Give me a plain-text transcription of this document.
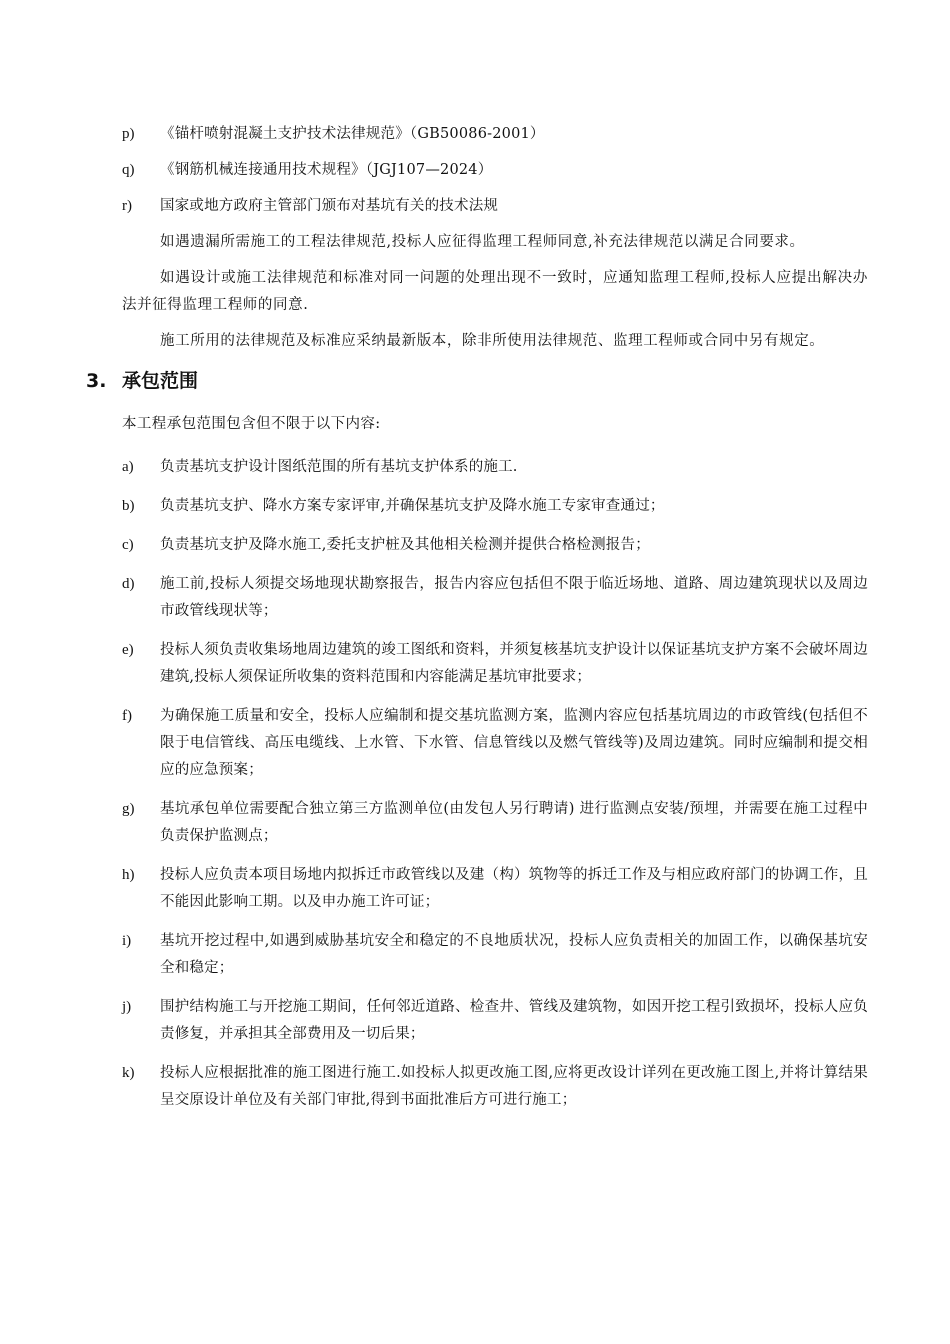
p)	《锚杆喷射混凝土支护技术法律规范》（GB50086-2001）
q)	《钢筋机械连接通用技术规程》（JGJ107—2024）
r)	国家或地方政府主管部门颁布对基坑有关的技术法规

如遇遗漏所需施工的工程法律规范,投标人应征得监理工程师同意,补充法律规范以满足合同要求。

如遇设计或施工法律规范和标准对同一问题的处理出现不一致时，应通知监理工程师,投标人应提出解决办法并征得监理工程师的同意.

施工所用的法律规范及标准应采纳最新版本，除非所使用法律规范、监理工程师或合同中另有规定。

3. 承包范围
本工程承包范围包含但不限于以下内容:
a)	负责基坑支护设计图纸范围的所有基坑支护体系的施工.
b)	负责基坑支护、降水方案专家评审,并确保基坑支护及降水施工专家审查通过；
c)	负责基坑支护及降水施工,委托支护桩及其他相关检测并提供合格检测报告；
d)	施工前,投标人须提交场地现状勘察报告，报告内容应包括但不限于临近场地、道路、周边建筑现状以及周边市政管线现状等；
e)	投标人须负责收集场地周边建筑的竣工图纸和资料，并须复核基坑支护设计以保证基坑支护方案不会破坏周边建筑,投标人须保证所收集的资料范围和内容能满足基坑审批要求；
f)	为确保施工质量和安全，投标人应编制和提交基坑监测方案，监测内容应包括基坑周边的市政管线(包括但不限于电信管线、高压电缆线、上水管、下水管、信息管线以及燃气管线等)及周边建筑。同时应编制和提交相应的应急预案；
g)	基坑承包单位需要配合独立第三方监测单位(由发包人另行聘请) 进行监测点安装/预埋，并需要在施工过程中负责保护监测点；
h)	投标人应负责本项目场地内拟拆迁市政管线以及建（构）筑物等的拆迁工作及与相应政府部门的协调工作，且不能因此影响工期。以及申办施工许可证；
i)	基坑开挖过程中,如遇到威胁基坑安全和稳定的不良地质状况，投标人应负责相关的加固工作，以确保基坑安全和稳定；
j)	围护结构施工与开挖施工期间，任何邻近道路、检查井、管线及建筑物，如因开挖工程引致损坏，投标人应负责修复，并承担其全部费用及一切后果；
k)	投标人应根据批准的施工图进行施工.如投标人拟更改施工图,应将更改设计详列在更改施工图上,并将计算结果呈交原设计单位及有关部门审批,得到书面批准后方可进行施工；
